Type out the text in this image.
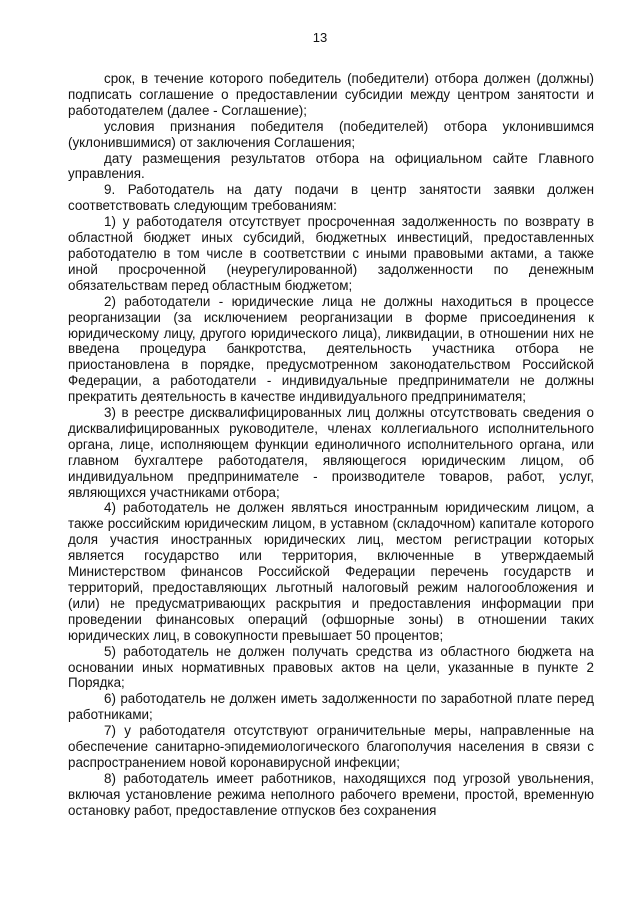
13

срок, в течение которого победитель (победители) отбора должен (должны) подписать соглашение о предоставлении субсидии между центром занятости и работодателем (далее - Соглашение);

условия признания победителя (победителей) отбора уклонившимся (уклонившимися) от заключения Соглашения;

дату размещения результатов отбора на официальном сайте Главного управления.

9. Работодатель на дату подачи в центр занятости заявки должен соответствовать следующим требованиям:

1) у работодателя отсутствует просроченная задолженность по возврату в областной бюджет иных субсидий, бюджетных инвестиций, предоставленных работодателю в том числе в соответствии с иными правовыми актами, а также иной просроченной (неурегулированной) задолженности по денежным обязательствам перед областным бюджетом;

2) работодатели - юридические лица не должны находиться в процессе реорганизации (за исключением реорганизации в форме присоединения к юридическому лицу, другого юридического лица), ликвидации, в отношении них не введена процедура банкротства, деятельность участника отбора не приостановлена в порядке, предусмотренном законодательством Российской Федерации, а работодатели - индивидуальные предприниматели не должны прекратить деятельность в качестве индивидуального предпринимателя;

3) в реестре дисквалифицированных лиц должны отсутствовать сведения о дисквалифицированных руководителе, членах коллегиального исполнительного органа, лице, исполняющем функции единоличного исполнительного органа, или главном бухгалтере работодателя, являющегося юридическим лицом, об индивидуальном предпринимателе - производителе товаров, работ, услуг, являющихся участниками отбора;

4) работодатель не должен являться иностранным юридическим лицом, а также российским юридическим лицом, в уставном (складочном) капитале которого доля участия иностранных юридических лиц, местом регистрации которых является государство или территория, включенные в утверждаемый Министерством финансов Российской Федерации перечень государств и территорий, предоставляющих льготный налоговый режим налогообложения и (или) не предусматривающих раскрытия и предоставления информации при проведении финансовых операций (офшорные зоны) в отношении таких юридических лиц, в совокупности превышает 50 процентов;

5) работодатель не должен получать средства из областного бюджета на основании иных нормативных правовых актов на цели, указанные в пункте 2 Порядка;

6) работодатель не должен иметь задолженности по заработной плате перед работниками;

7) у работодателя отсутствуют ограничительные меры, направленные на обеспечение санитарно-эпидемиологического благополучия населения в связи с распространением новой коронавирусной инфекции;

8) работодатель имеет работников, находящихся под угрозой увольнения, включая установление режима неполного рабочего времени, простой, временную остановку работ, предоставление отпусков без сохранения
